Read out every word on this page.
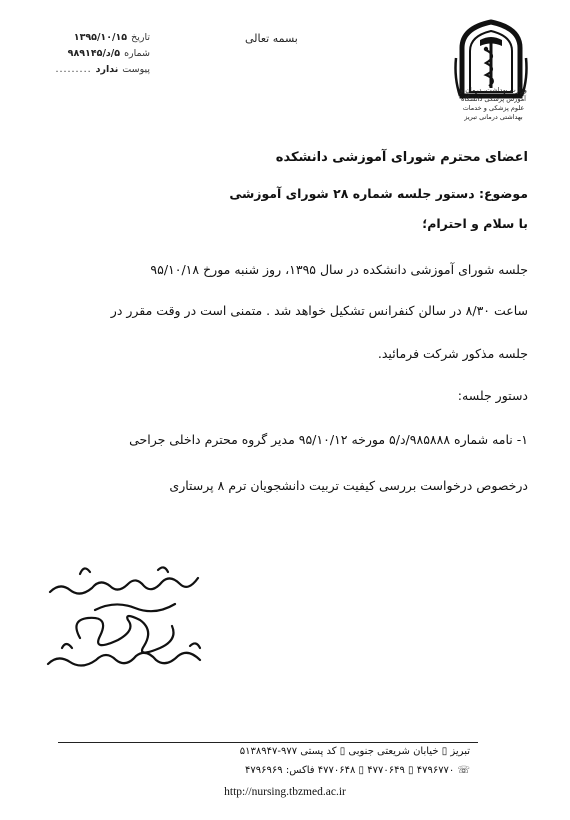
تاریخ
۱۳۹۵/۱۰/۱۵
شماره
۵/د/۹۸۹۱۴۵
پیوست
ندارد
.........
بسمه تعالی
وزارت بهداشت، درمان و آموزش پزشکی دانشگاه علوم پزشکی و خدمات بهداشتی درمانی تبریز
اعضای محترم شورای آموزشی دانشکده
موضوع: دستور جلسه شماره ۲۸ شورای آموزشی
با سلام و احترام؛
جلسه شورای آموزشی دانشکده در سال ۱۳۹۵، روز شنبه مورخ ۹۵/۱۰/۱۸
ساعت ۸/۳۰ در سالن کنفرانس تشکیل خواهد شد . متمنی است در وقت مقرر در
جلسه مذکور شرکت فرمائید.
دستور جلسه:
۱- نامه شماره ۹۸۵۸۸۸/د/۵ مورخه ۹۵/۱۰/۱۲ مدیر گروه محترم داخلی جراحی
درخصوص درخواست بررسی کیفیت تربیت دانشجویان ترم ۸ پرستاری
تبریز ▯ خیابان شریعتی جنوبی ▯ کد پستی ۹۷۷-۵۱۳۸۹۴۷
☏ ۴۷۹۶۷۷۰ ▯ ۴۷۷۰۶۴۹ ▯ ۴۷۷۰۶۴۸ فاکس: ۴۷۹۶۹۶۹
http://nursing.tbzmed.ac.ir
